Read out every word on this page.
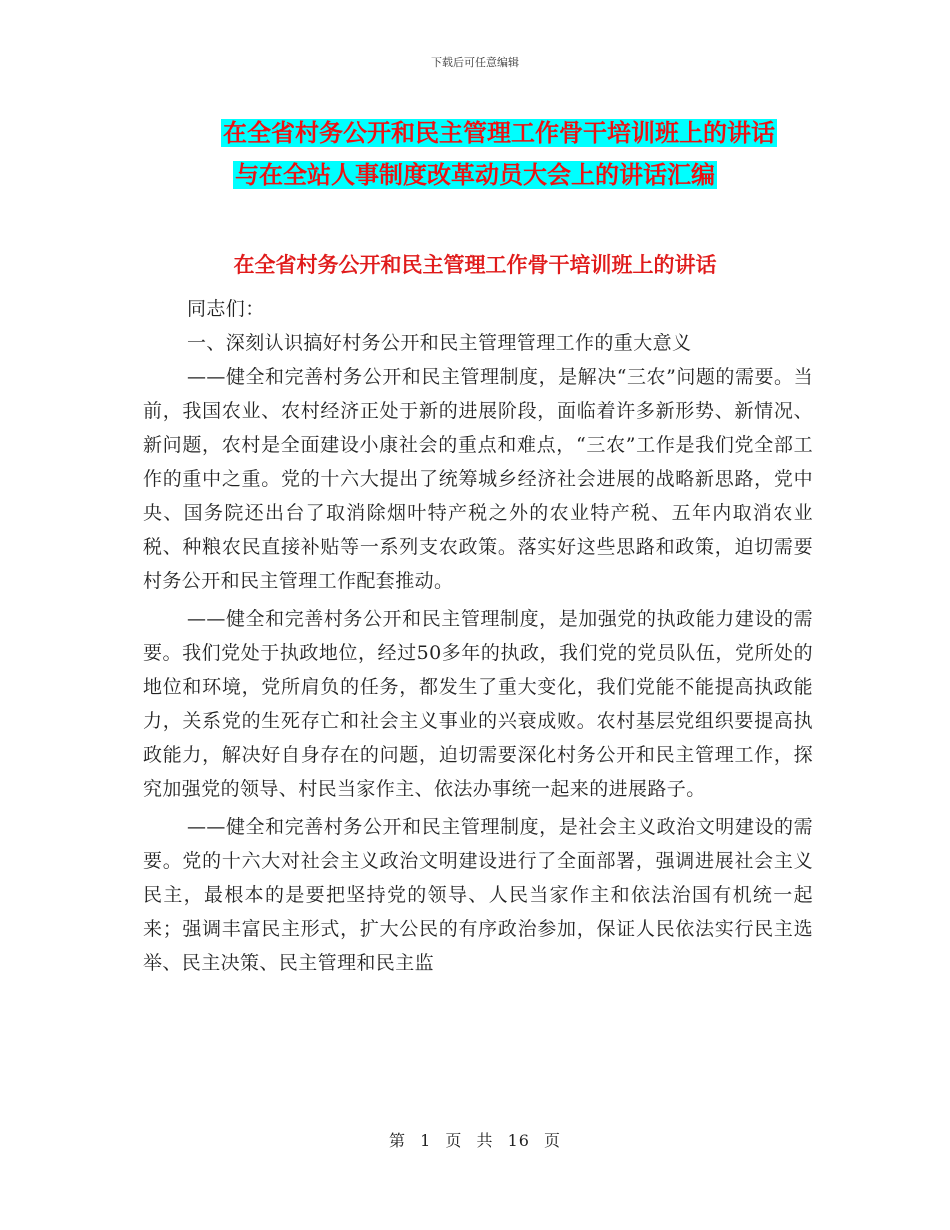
下载后可任意编辑
在全省村务公开和民主管理工作骨干培训班上的讲话
与在全站人事制度改革动员大会上的讲话汇编
在全省村务公开和民主管理工作骨干培训班上的讲话

同志们：

一、深刻认识搞好村务公开和民主管理管理工作的重大意义

——健全和完善村务公开和民主管理制度，是解决“三农”问题的需要。当前，我国农业、农村经济正处于新的进展阶段，面临着许多新形势、新情况、新问题，农村是全面建设小康社会的重点和难点，“三农”工作是我们党全部工作的重中之重。党的十六大提出了统筹城乡经济社会进展的战略新思路，党中央、国务院还出台了取消除烟叶特产税之外的农业特产税、五年内取消农业税、种粮农民直接补贴等一系列支农政策。落实好这些思路和政策，迫切需要村务公开和民主管理工作配套推动。

——健全和完善村务公开和民主管理制度，是加强党的执政能力建设的需要。我们党处于执政地位，经过50多年的执政，我们党的党员队伍，党所处的地位和环境，党所肩负的任务，都发生了重大变化，我们党能不能提高执政能力，关系党的生死存亡和社会主义事业的兴衰成败。农村基层党组织要提高执政能力，解决好自身存在的问题，迫切需要深化村务公开和民主管理工作，探究加强党的领导、村民当家作主、依法办事统一起来的进展路子。

——健全和完善村务公开和民主管理制度，是社会主义政治文明建设的需要。党的十六大对社会主义政治文明建设进行了全面部署，强调进展社会主义民主，最根本的是要把坚持党的领导、人民当家作主和依法治国有机统一起来；强调丰富民主形式，扩大公民的有序政治参加，保证人民依法实行民主选举、民主决策、民主管理和民主监

第 1 页 共 16 页
